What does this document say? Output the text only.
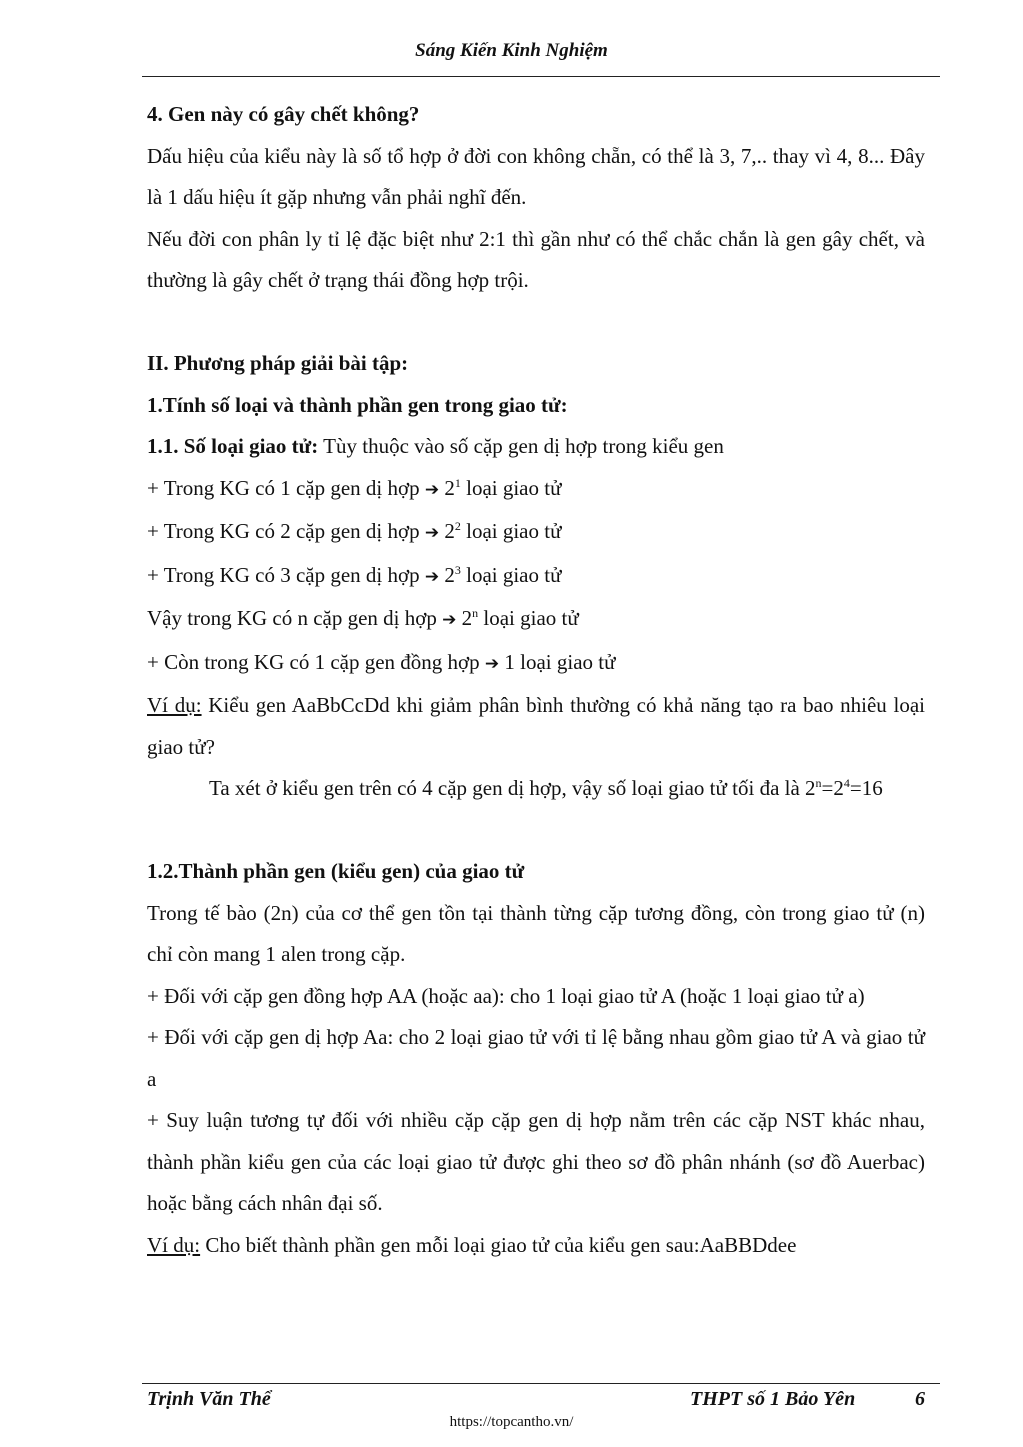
Sáng Kiến Kinh Nghiệm

4. Gen này có gây chết không?

Dấu hiệu của kiểu này là số tổ hợp ở đời con không chẵn, có thể là 3, 7,.. thay vì 4, 8... Đây là 1 dấu hiệu ít gặp nhưng vẫn phải nghĩ đến.

Nếu đời con phân ly tỉ lệ đặc biệt như 2:1 thì gần như có thể chắc chắn là gen gây chết, và thường là gây chết ở trạng thái đồng hợp trội.

II. Phương pháp giải bài tập:

1.Tính số loại và thành phần gen trong giao tử:

1.1. Số loại giao tử: Tùy thuộc vào số cặp gen dị hợp trong kiểu gen

+ Trong KG có 1 cặp gen dị hợp ➔ $2^1$ loại giao tử

+ Trong KG có 2 cặp gen dị hợp ➔ $2^2$ loại giao tử

+ Trong KG có 3 cặp gen dị hợp ➔ $2^3$ loại giao tử

Vậy trong KG có n cặp gen dị hợp ➔ 2$^n$ loại giao tử

+ Còn trong KG có 1 cặp gen đồng hợp ➔ 1 loại giao tử

Ví dụ: Kiểu gen AaBbCcDd khi giảm phân bình thường có khả năng tạo ra bao nhiêu loại giao tử?

Ta xét ở kiểu gen trên có 4 cặp gen dị hợp, vậy số loại giao tử tối đa là $2^n=2^4=16$

1.2.Thành phần gen (kiểu gen) của giao tử

Trong tế bào (2n) của cơ thể gen tồn tại thành từng cặp tương đồng, còn trong giao tử (n) chỉ còn mang 1 alen trong cặp.

+ Đối với cặp gen đồng hợp AA (hoặc aa): cho 1 loại giao tử A (hoặc 1 loại giao tử a)

+ Đối với cặp gen dị hợp Aa: cho 2 loại giao tử với tỉ lệ bằng nhau gồm giao tử A và giao tử a

+ Suy luận tương tự đối với nhiều cặp cặp gen dị hợp nằm trên các cặp NST khác nhau, thành phần kiểu gen của các loại giao tử được ghi theo sơ đồ phân nhánh (sơ đồ Auerbac) hoặc bằng cách nhân đại số.

Ví dụ: Cho biết thành phần gen mỗi loại giao tử của kiểu gen sau:AaBBDdee

Trịnh Văn Thể	THPT số 1 Bảo Yên	6
https://topcantho.vn/
